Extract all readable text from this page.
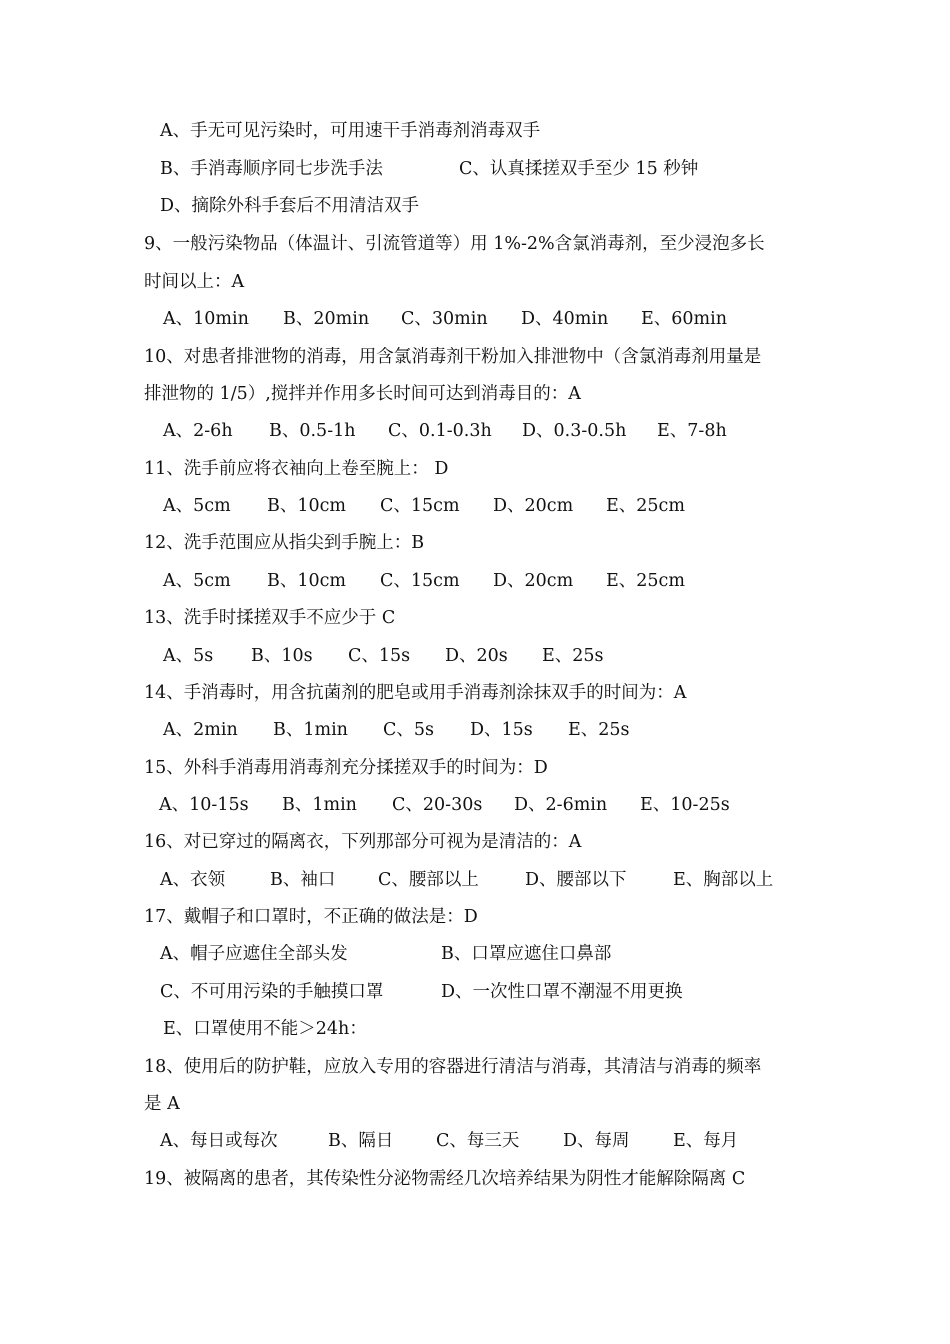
A、手无可见污染时，可用速干手消毒剂消毒双手
B、手消毒顺序同七步洗手法	C、认真揉搓双手至少 15 秒钟
D、摘除外科手套后不用清洁双手
9、一般污染物品（体温计、引流管道等）用 1%-2%含氯消毒剂，至少浸泡多长
时间以上：A
A、10min B、20min C、30min D、40min E、60min
10、对患者排泄物的消毒，用含氯消毒剂干粉加入排泄物中（含氯消毒剂用量是
排泄物的 1/5）,搅拌并作用多长时间可达到消毒目的：A
A、2-6h B、0.5-1h C、0.1-0.3h D、0.3-0.5h E、7-8h
11、洗手前应将衣袖向上卷至腕上： D
A、5cm B、10cm C、15cm D、20cm E、25cm
12、洗手范围应从指尖到手腕上：B
A、5cm B、10cm C、15cm D、20cm E、25cm
13、洗手时揉搓双手不应少于 C
A、5s B、10s C、15s D、20s E、25s
14、手消毒时，用含抗菌剂的肥皂或用手消毒剂涂抹双手的时间为：A
A、2min B、1min C、5s D、15s E、25s
15、外科手消毒用消毒剂充分揉搓双手的时间为：D
A、10-15s B、1min C、20-30s D、2-6min E、10-25s
16、对已穿过的隔离衣，下列那部分可视为是清洁的：A
A、衣领	B、袖口 C、腰部以上	D、腰部以下	E、胸部以上
17、戴帽子和口罩时，不正确的做法是：D
A、帽子应遮住全部头发	B、口罩应遮住口鼻部
C、不可用污染的手触摸口罩	D、一次性口罩不潮湿不用更换
E、口罩使用不能＞24h：
18、使用后的防护鞋，应放入专用的容器进行清洁与消毒，其清洁与消毒的频率
是 A
A、每日或每次	B、隔日 C、每三天 D、每周 E、每月
19、被隔离的患者，其传染性分泌物需经几次培养结果为阴性才能解除隔离 C
